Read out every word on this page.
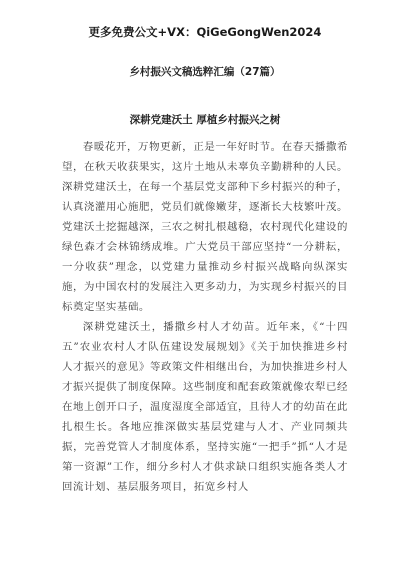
更多免费公文+VX：QiGeGongWen2024
乡村振兴文稿选粹汇编（27篇）
深耕党建沃土 厚植乡村振兴之树

春暖花开，万物更新，正是一年好时节。在春天播撒希望，在秋天收获果实，这片土地从未辜负辛勤耕种的人民。深耕党建沃土，在每一个基层党支部种下乡村振兴的种子，认真浇灌用心施肥，党员们就像嫩芽，逐渐长大枝繁叶茂。党建沃土挖掘越深，三农之树扎根越稳，农村现代化建设的绿色森才会林锦绣成堆。广大党员干部应坚持“一分耕耘，一分收获”理念，以党建力量推动乡村振兴战略向纵深实施，为中国农村的发展注入更多动力，为实现乡村振兴的目标奠定坚实基础。

深耕党建沃土，播撒乡村人才幼苗。近年来，《“十四五”农业农村人才队伍建设发展规划》《关于加快推进乡村人才振兴的意见》等政策文件相继出台，为加快推进乡村人才振兴提供了制度保障。这些制度和配套政策就像农犁已经在地上创开口子，温度湿度全部适宜，且待人才的幼苗在此扎根生长。各地应推深做实基层党建与人才、产业同频共振，完善党管人才制度体系，坚持实施“一把手”抓“人才是第一资源”工作，细分乡村人才供求缺口组织实施各类人才回流计划、基层服务项目，拓宽乡村人
